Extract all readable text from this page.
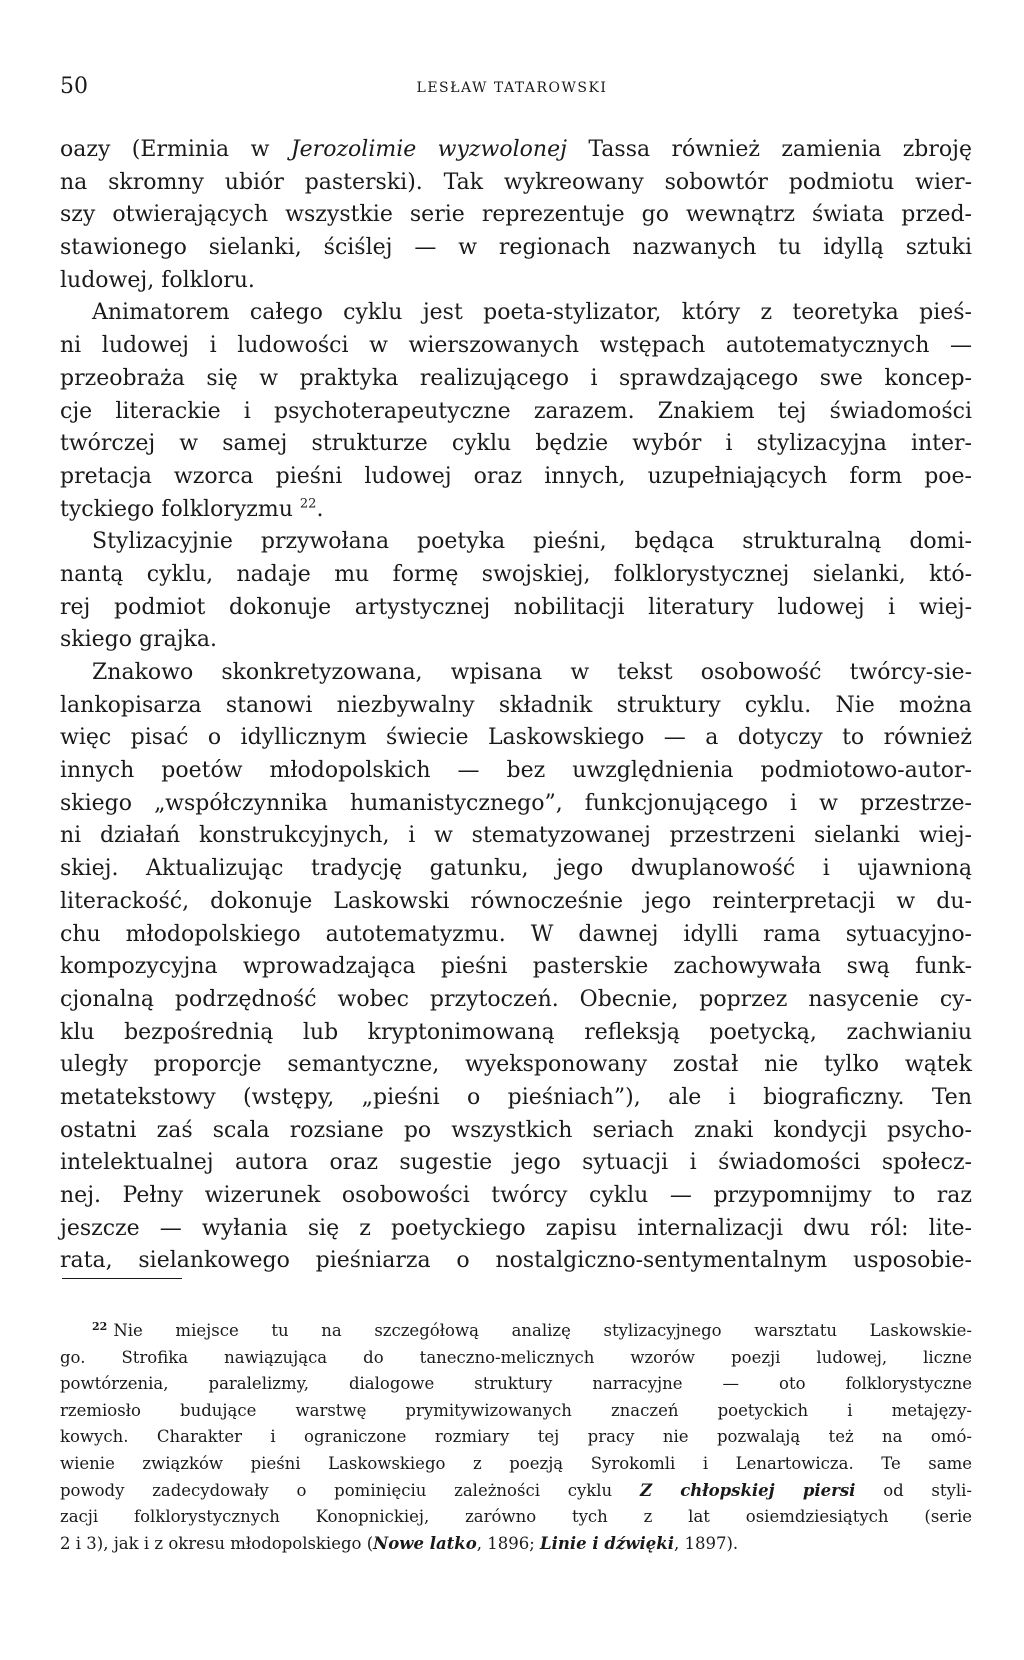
50	LESŁAW TATAROWSKI
oazy (Erminia w Jerozolimie wyzwolonej Tassa również zamienia zbroję
na skromny ubiór pasterski). Tak wykreowany sobowtór podmiotu wier-
szy otwierających wszystkie serie reprezentuje go wewnątrz świata przed-
stawionego sielanki, ściślej — w regionach nazwanych tu idyllą sztuki
ludowej, folkloru.
Animatorem całego cyklu jest poeta-stylizator, który z teoretyka pieś-
ni ludowej i ludowości w wierszowanych wstępach autotematycznych —
przeobraża się w praktyka realizującego i sprawdzającego swe koncep-
cje literackie i psychoterapeutyczne zarazem. Znakiem tej świadomości
twórczej w samej strukturze cyklu będzie wybór i stylizacyjna inter-
pretacja wzorca pieśni ludowej oraz innych, uzupełniających form poe-
tyckiego folkloryzmu $^{22}$.
Stylizacyjnie przywołana poetyka pieśni, będąca strukturalną domi-
nantą cyklu, nadaje mu formę swojskiej, folklorystycznej sielanki, któ-
rej podmiot dokonuje artystycznej nobilitacji literatury ludowej i wiej-
skiego grajka.
Znakowo skonkretyzowana, wpisana w tekst osobowość twórcy-sie-
lankopisarza stanowi niezbywalny składnik struktury cyklu. Nie można
więc pisać o idyllicznym świecie Laskowskiego — a dotyczy to również
innych poetów młodopolskich — bez uwzględnienia podmiotowo-autor-
skiego „współczynnika humanistycznego”, funkcjonującego i w przestrze-
ni działań konstrukcyjnych, i w stematyzowanej przestrzeni sielanki wiej-
skiej. Aktualizując tradycję gatunku, jego dwuplanowość i ujawnioną
literackość, dokonuje Laskowski równocześnie jego reinterpretacji w du-
chu młodopolskiego autotematyzmu. W dawnej idylli rama sytuacyjno-
kompozycyjna wprowadzająca pieśni pasterskie zachowywała swą funk-
cjonalną podrzędność wobec przytoczeń. Obecnie, poprzez nasycenie cy-
klu bezpośrednią lub kryptonimowaną refleksją poetycką, zachwianiu
uległy proporcje semantyczne, wyeksponowany został nie tylko wątek
metatekstowy (wstępy, „pieśni o pieśniach”), ale i biograficzny. Ten
ostatni zaś scala rozsiane po wszystkich seriach znaki kondycji psycho-
intelektualnej autora oraz sugestie jego sytuacji i świadomości społecz-
nej. Pełny wizerunek osobowości twórcy cyklu — przypomnijmy to raz
jeszcze — wyłania się z poetyckiego zapisu internalizacji dwu ról: lite-
rata, sielankowego pieśniarza o nostalgiczno-sentymentalnym usposobie-
$^{22}$ Nie miejsce tu na szczegółową analizę stylizacyjnego warsztatu Laskowskie-
go. Strofika nawiązująca do taneczno-melicznych wzorów poezji ludowej, liczne
powtórzenia, paralelizmy, dialogowe struktury narracyjne — oto folklorystyczne
rzemiosło budujące warstwę prymitywizowanych znaczeń poetyckich i metajęzy-
kowych. Charakter i ograniczone rozmiary tej pracy nie pozwalają też na omó-
wienie związków pieśni Laskowskiego z poezją Syrokomli i Lenartowicza. Te same
powody zadecydowały o pominięciu zależności cyklu Z chłopskiej piersi od styli-
zacji folklorystycznych Konopnickiej, zarówno tych z lat osiemdziesiątych (serie
2 i 3), jak i z okresu młodopolskiego (Nowe latko, 1896; Linie i dźwięki, 1897).
